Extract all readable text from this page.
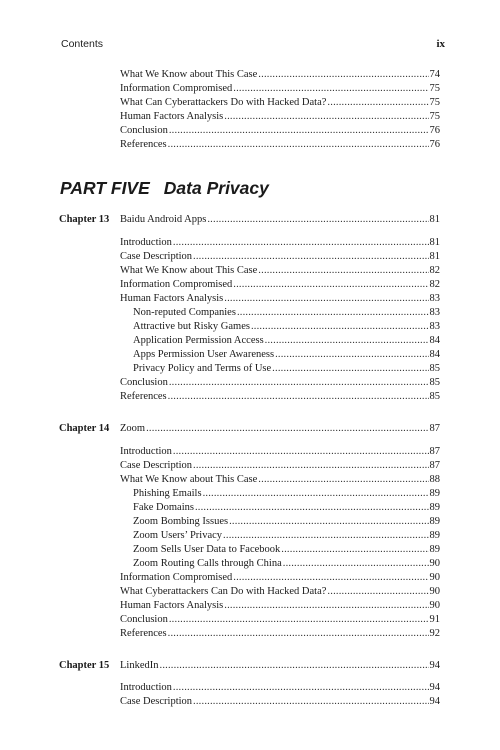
Contents	ix
What We Know about This Case .....	74
Information Compromised .....	75
What Can Cyberattackers Do with Hacked Data? .....	75
Human Factors Analysis .....	75
Conclusion .....	76
References .....	76
PART FIVE Data Privacy
Chapter 13	Baidu Android Apps .....	81
Introduction .....	81
Case Description .....	81
What We Know about This Case .....	82
Information Compromised .....	82
Human Factors Analysis .....	83
Non-reputed Companies .....	83
Attractive but Risky Games .....	83
Application Permission Access .....	84
Apps Permission User Awareness .....	84
Privacy Policy and Terms of Use .....	85
Conclusion .....	85
References .....	85
Chapter 14	Zoom .....	87
Introduction .....	87
Case Description .....	87
What We Know about This Case .....	88
Phishing Emails .....	89
Fake Domains .....	89
Zoom Bombing Issues .....	89
Zoom Users’ Privacy .....	89
Zoom Sells User Data to Facebook .....	89
Zoom Routing Calls through China .....	90
Information Compromised .....	90
What Cyberattackers Can Do with Hacked Data? .....	90
Human Factors Analysis .....	90
Conclusion .....	91
References .....	92
Chapter 15	LinkedIn .....	94
Introduction .....	94
Case Description .....	94
